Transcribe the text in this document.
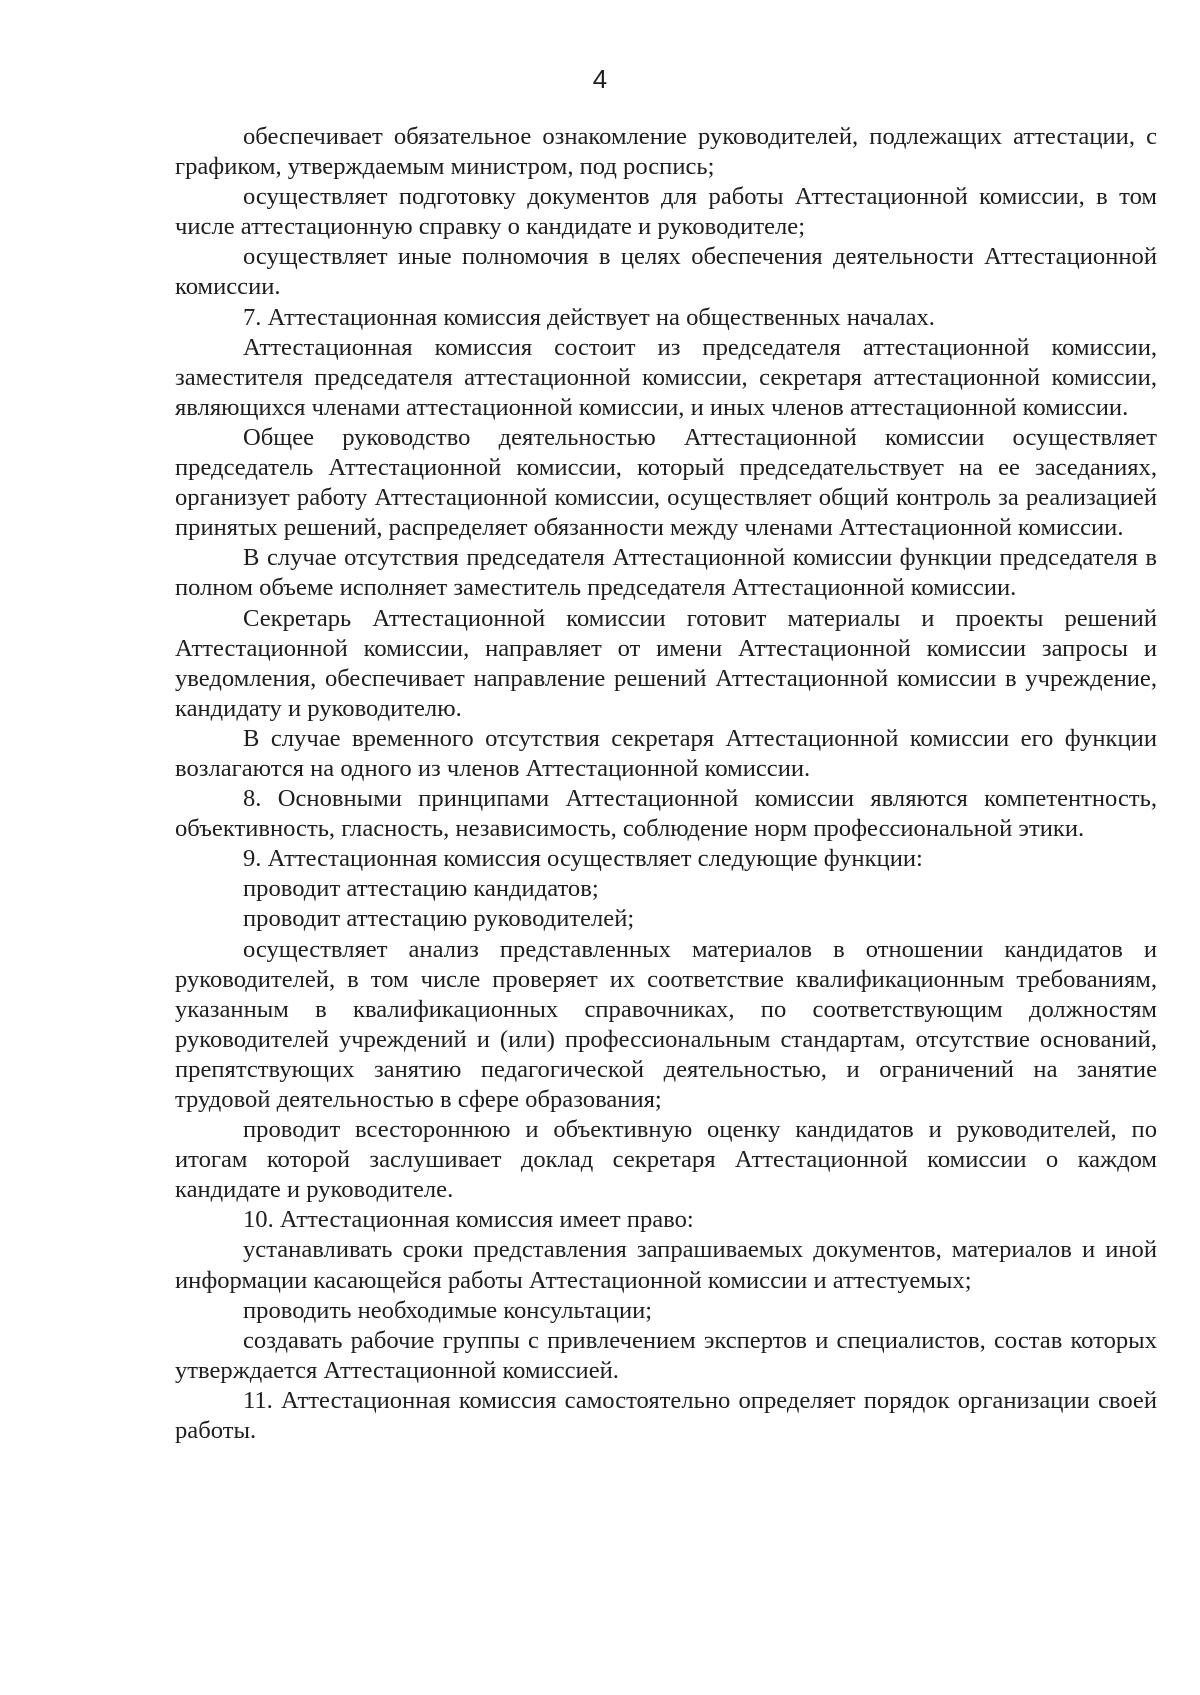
4

обеспечивает обязательное ознакомление руководителей, подлежащих аттестации, с графиком, утверждаемым министром, под роспись;

осуществляет подготовку документов для работы Аттестационной комиссии, в том числе аттестационную справку о кандидате и руководителе;

осуществляет иные полномочия в целях обеспечения деятельности Аттестационной комиссии.

7. Аттестационная комиссия действует на общественных началах.

Аттестационная комиссия состоит из председателя аттестационной комиссии, заместителя председателя аттестационной комиссии, секретаря аттестационной комиссии, являющихся членами аттестационной комиссии, и иных членов аттестационной комиссии.

Общее руководство деятельностью Аттестационной комиссии осуществляет председатель Аттестационной комиссии, который председательствует на ее заседаниях, организует работу Аттестационной комиссии, осуществляет общий контроль за реализацией принятых решений, распределяет обязанности между членами Аттестационной комиссии.

В случае отсутствия председателя Аттестационной комиссии функции председателя в полном объеме исполняет заместитель председателя Аттестационной комиссии.

Секретарь Аттестационной комиссии готовит материалы и проекты решений Аттестационной комиссии, направляет от имени Аттестационной комиссии запросы и уведомления, обеспечивает направление решений Аттестационной комиссии в учреждение, кандидату и руководителю.

В случае временного отсутствия секретаря Аттестационной комиссии его функции возлагаются на одного из членов Аттестационной комиссии.

8. Основными принципами Аттестационной комиссии являются компетентность, объективность, гласность, независимость, соблюдение норм профессиональной этики.

9. Аттестационная комиссия осуществляет следующие функции:

проводит аттестацию кандидатов;

проводит аттестацию руководителей;

осуществляет анализ представленных материалов в отношении кандидатов и руководителей, в том числе проверяет их соответствие квалификационным требованиям, указанным в квалификационных справочниках, по соответствующим должностям руководителей учреждений и (или) профессиональным стандартам, отсутствие оснований, препятствующих занятию педагогической деятельностью, и ограничений на занятие трудовой деятельностью в сфере образования;

проводит всестороннюю и объективную оценку кандидатов и руководителей, по итогам которой заслушивает доклад секретаря Аттестационной комиссии о каждом кандидате и руководителе.

10. Аттестационная комиссия имеет право:

устанавливать сроки представления запрашиваемых документов, материалов и иной информации касающейся работы Аттестационной комиссии и аттестуемых;

проводить необходимые консультации;

создавать рабочие группы с привлечением экспертов и специалистов, состав которых утверждается Аттестационной комиссией.

11. Аттестационная комиссия самостоятельно определяет порядок организации своей работы.
